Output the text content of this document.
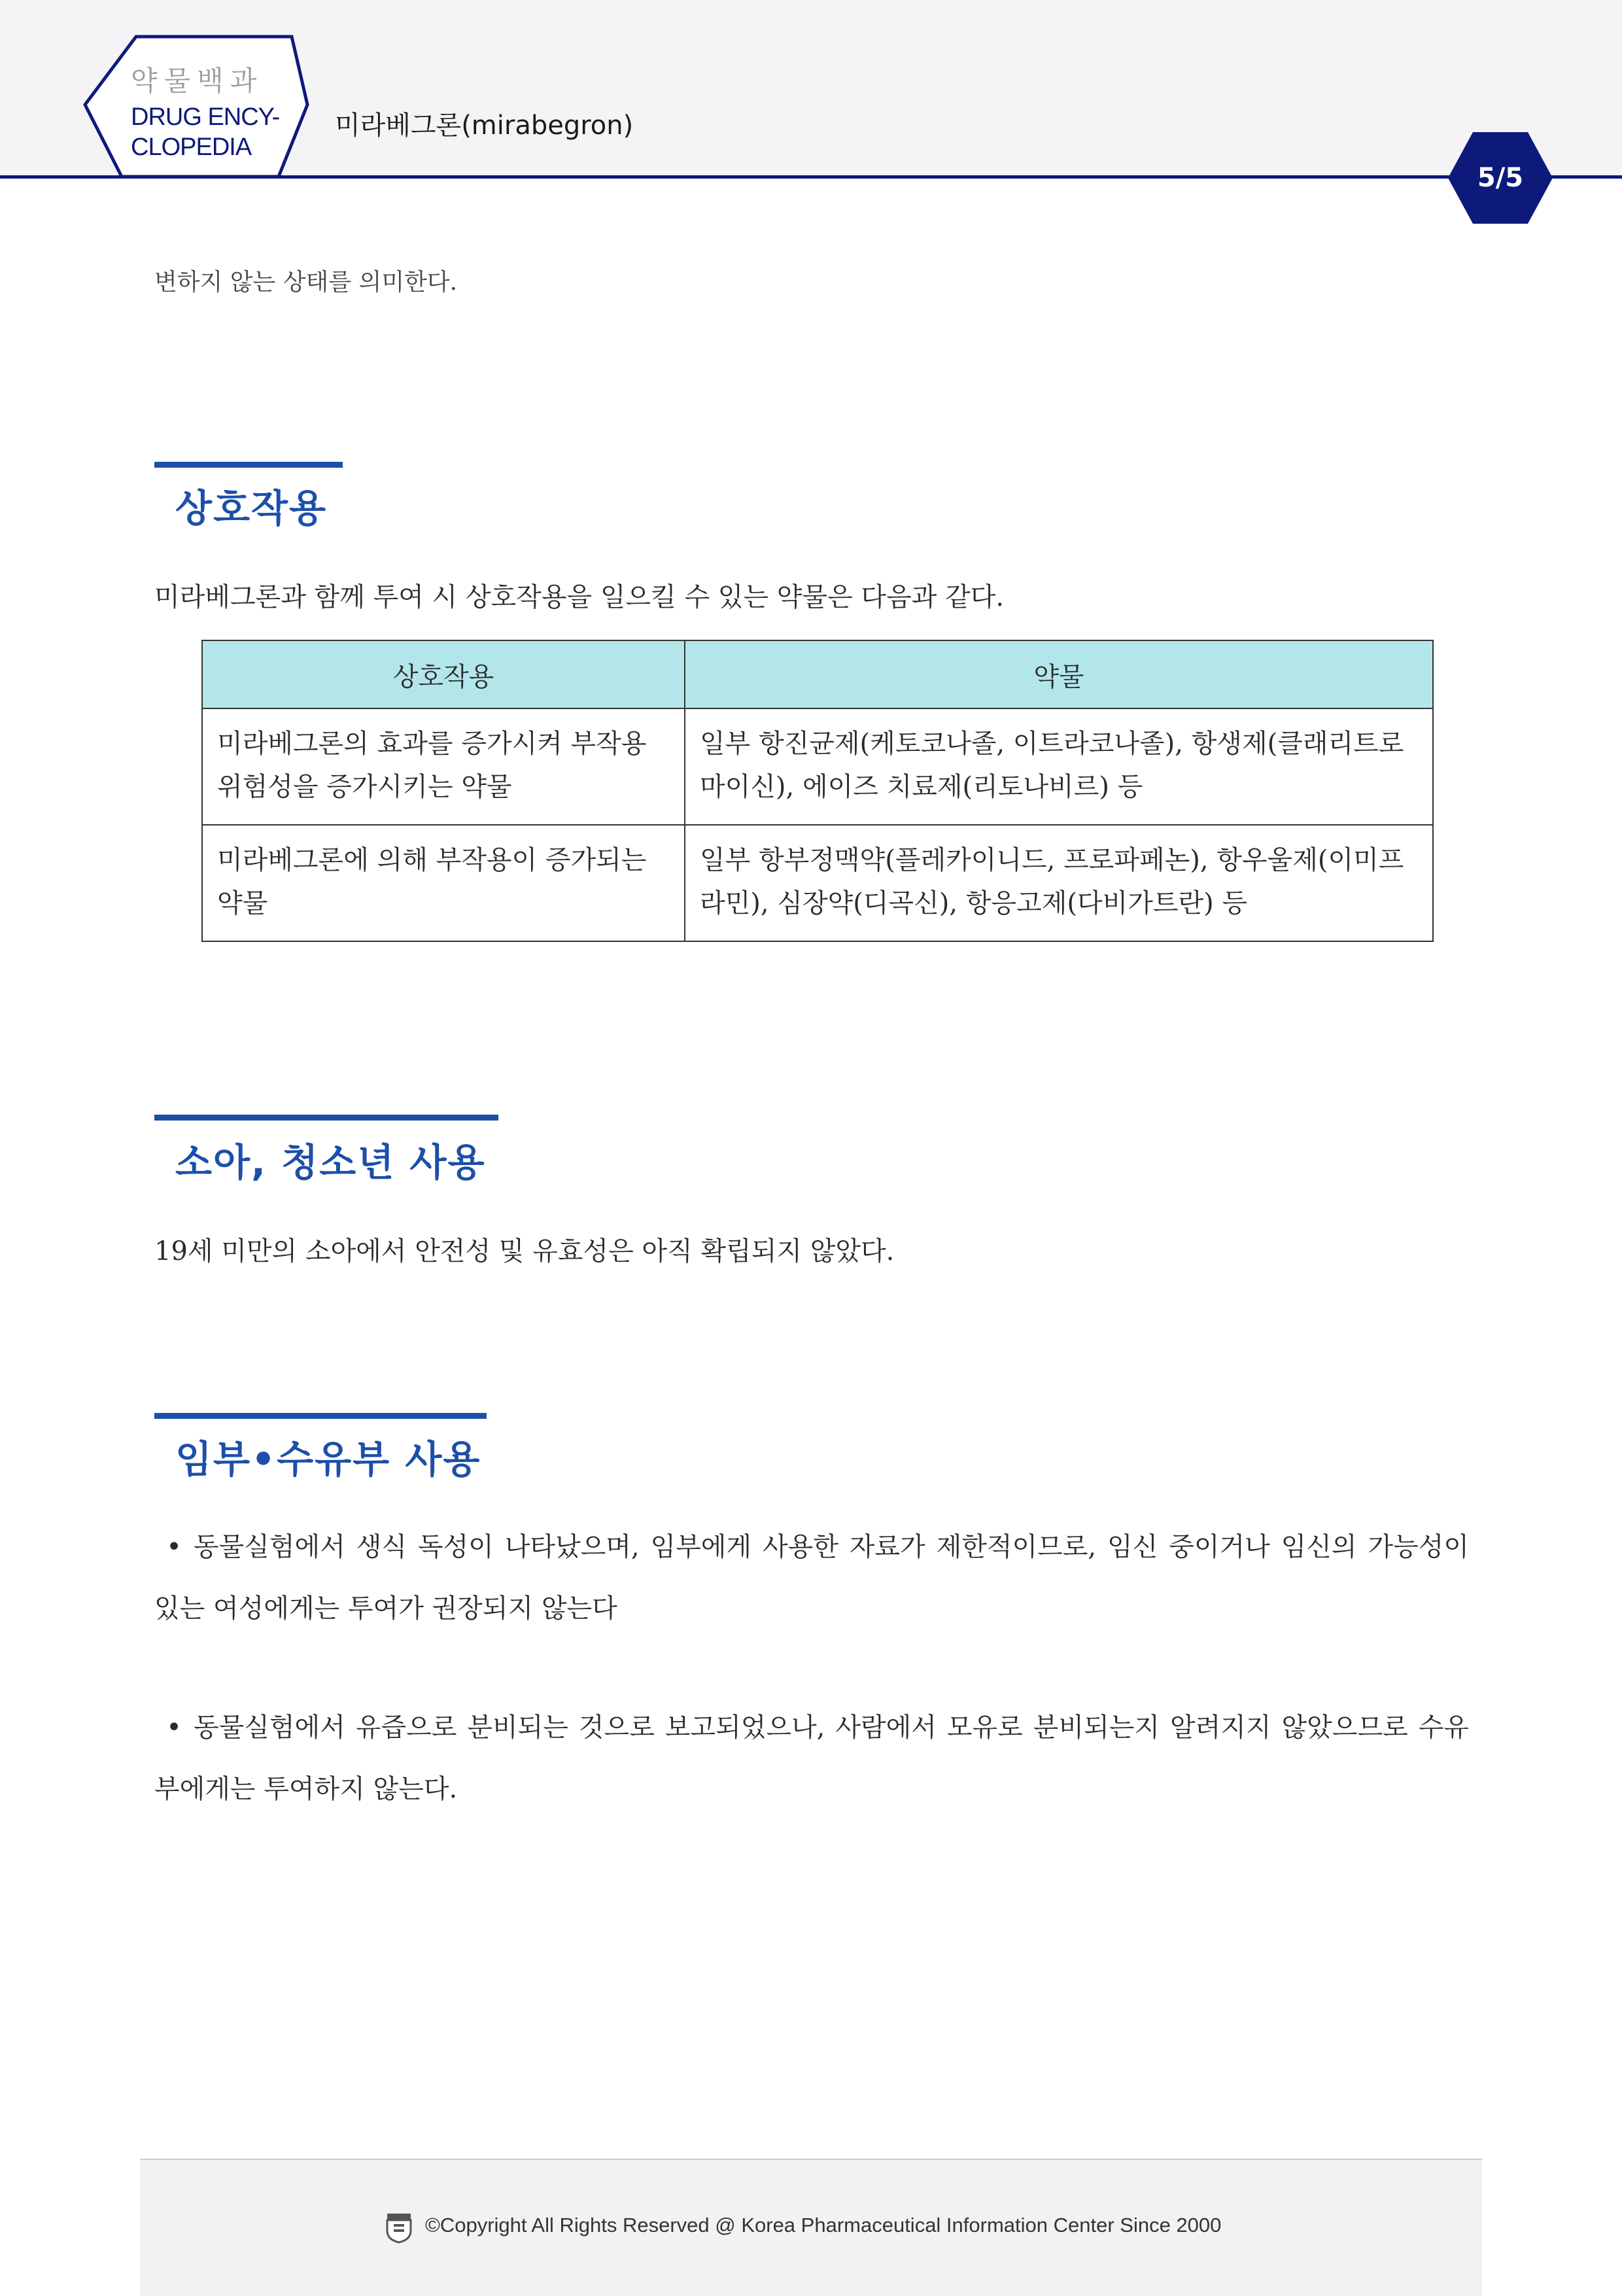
약물백과
DRUG ENCY-
CLOPEDIA
미라베그론(mirabegron)
5/5
변하지 않는 상태를 의미한다.
상호작용
미라베그론과 함께 투여 시 상호작용을 일으킬 수 있는 약물은 다음과 같다.
상호작용	약물
미라베그론의 효과를 증가시켜 부작용 위험성을 증가시키는 약물	일부 항진균제(케토코나졸, 이트라코나졸), 항생제(클래리트로마이신), 에이즈 치료제(리토나비르) 등
미라베그론에 의해 부작용이 증가되는 약물	일부 항부정맥약(플레카이니드, 프로파페논), 항우울제(이미프라민), 심장약(디곡신), 항응고제(다비가트란) 등
소아, 청소년 사용
19세 미만의 소아에서 안전성 및 유효성은 아직 확립되지 않았다.
임부•수유부 사용
• 동물실험에서 생식 독성이 나타났으며, 임부에게 사용한 자료가 제한적이므로, 임신 중이거나 임신의 가능성이 있는 여성에게는 투여가 권장되지 않는다
• 동물실험에서 유즙으로 분비되는 것으로 보고되었으나, 사람에서 모유로 분비되는지 알려지지 않았으므로 수유부에게는 투여하지 않는다.
©Copyright All Rights Reserved @ Korea Pharmaceutical Information Center Since 2000
